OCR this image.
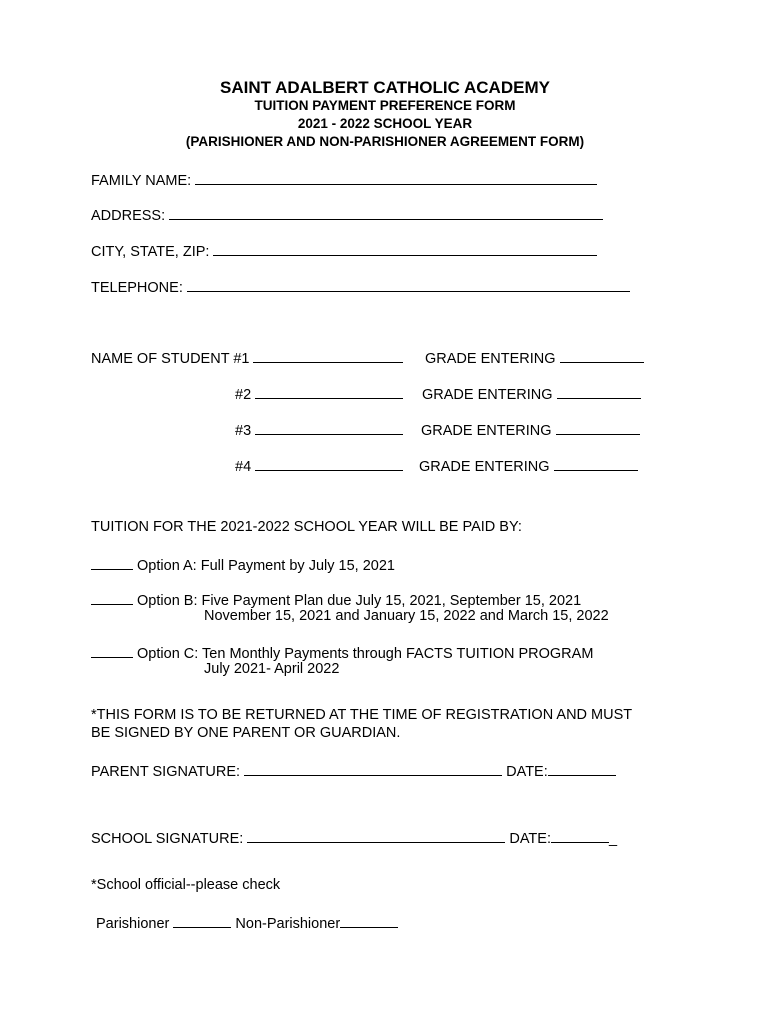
SAINT ADALBERT CATHOLIC ACADEMY
TUITION PAYMENT PREFERENCE FORM
2021 - 2022 SCHOOL YEAR
(PARISHIONER AND NON-PARISHIONER AGREEMENT FORM)
FAMILY NAME:
ADDRESS:
CITY, STATE, ZIP:
TELEPHONE:
NAME OF STUDENT #1	GRADE ENTERING
#2	GRADE ENTERING
#3	GRADE ENTERING
#4	GRADE ENTERING
TUITION FOR THE 2021-2022 SCHOOL YEAR WILL BE PAID BY:
Option A: Full Payment by July 15, 2021
Option B: Five Payment Plan due July 15, 2021, September 15, 2021
November 15, 2021 and January 15, 2022 and March 15, 2022
Option C: Ten Monthly Payments through FACTS TUITION PROGRAM
July 2021- April 2022
*THIS FORM IS TO BE RETURNED AT THE TIME OF REGISTRATION AND MUST
BE SIGNED BY ONE PARENT OR GUARDIAN.
PARENT SIGNATURE:	DATE:
SCHOOL SIGNATURE:	DATE:	_
*School official--please check
Parishioner	Non-Parishioner
